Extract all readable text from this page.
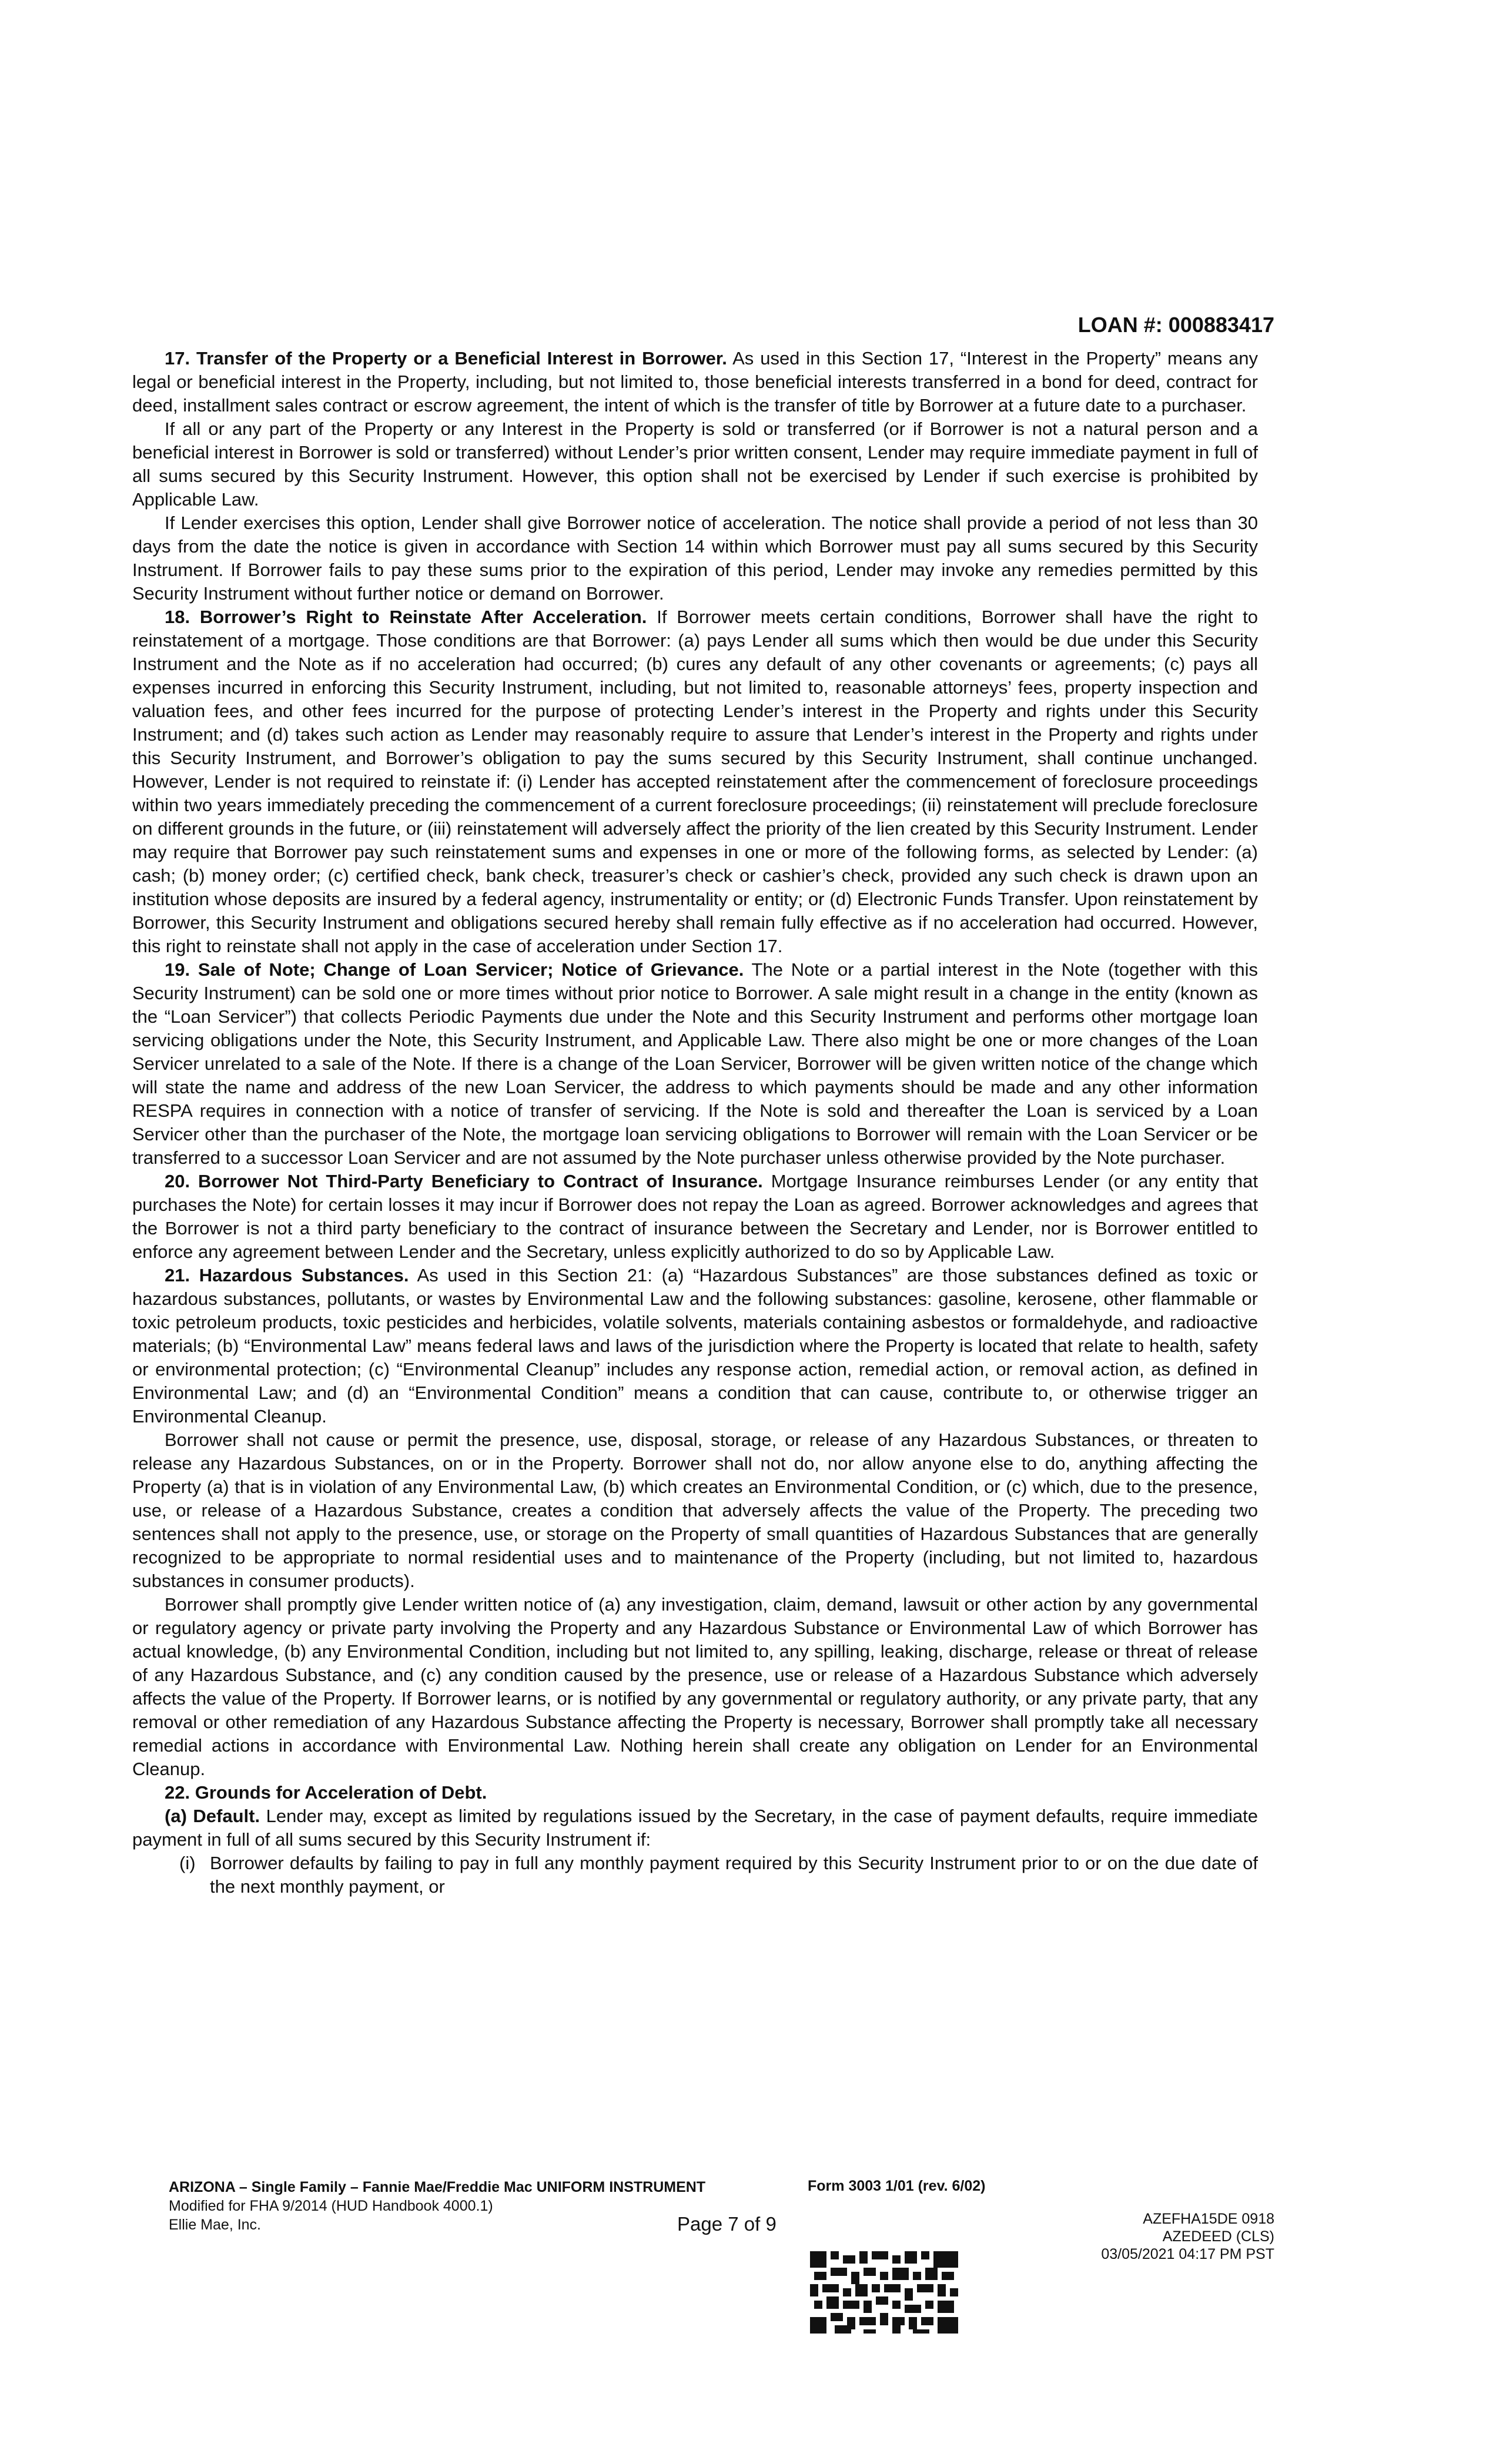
LOAN #: 000883417

17. Transfer of the Property or a Beneficial Interest in Borrower. As used in this Section 17, “Interest in the Property” means any legal or beneficial interest in the Property, including, but not limited to, those beneficial interests transferred in a bond for deed, contract for deed, installment sales contract or escrow agreement, the intent of which is the transfer of title by Borrower at a future date to a purchaser.

If all or any part of the Property or any Interest in the Property is sold or transferred (or if Borrower is not a natural person and a beneficial interest in Borrower is sold or transferred) without Lender’s prior written consent, Lender may require immediate payment in full of all sums secured by this Security Instrument. However, this option shall not be exercised by Lender if such exercise is prohibited by Applicable Law.

If Lender exercises this option, Lender shall give Borrower notice of acceleration. The notice shall provide a period of not less than 30 days from the date the notice is given in accordance with Section 14 within which Borrower must pay all sums secured by this Security Instrument. If Borrower fails to pay these sums prior to the expiration of this period, Lender may invoke any remedies permitted by this Security Instrument without further notice or demand on Borrower.

18. Borrower’s Right to Reinstate After Acceleration. If Borrower meets certain conditions, Borrower shall have the right to reinstatement of a mortgage. Those conditions are that Borrower: (a) pays Lender all sums which then would be due under this Security Instrument and the Note as if no acceleration had occurred; (b) cures any default of any other covenants or agreements; (c) pays all expenses incurred in enforcing this Security Instrument, including, but not limited to, reasonable attorneys’ fees, property inspection and valuation fees, and other fees incurred for the purpose of protecting Lender’s interest in the Property and rights under this Security Instrument; and (d) takes such action as Lender may reasonably require to assure that Lender’s interest in the Property and rights under this Security Instrument, and Borrower’s obligation to pay the sums secured by this Security Instrument, shall continue unchanged. However, Lender is not required to reinstate if: (i) Lender has accepted reinstatement after the commencement of foreclosure proceedings within two years immediately preceding the commencement of a current foreclosure proceedings; (ii) reinstatement will preclude foreclosure on different grounds in the future, or (iii) reinstatement will adversely affect the priority of the lien created by this Security Instrument. Lender may require that Borrower pay such reinstatement sums and expenses in one or more of the following forms, as selected by Lender: (a) cash; (b) money order; (c) certified check, bank check, treasurer’s check or cashier’s check, provided any such check is drawn upon an institution whose deposits are insured by a federal agency, instrumentality or entity; or (d) Electronic Funds Transfer. Upon reinstatement by Borrower, this Security Instrument and obligations secured hereby shall remain fully effective as if no acceleration had occurred. However, this right to reinstate shall not apply in the case of acceleration under Section 17.

19. Sale of Note; Change of Loan Servicer; Notice of Grievance. The Note or a partial interest in the Note (together with this Security Instrument) can be sold one or more times without prior notice to Borrower. A sale might result in a change in the entity (known as the “Loan Servicer”) that collects Periodic Payments due under the Note and this Security Instrument and performs other mortgage loan servicing obligations under the Note, this Security Instrument, and Applicable Law. There also might be one or more changes of the Loan Servicer unrelated to a sale of the Note. If there is a change of the Loan Servicer, Borrower will be given written notice of the change which will state the name and address of the new Loan Servicer, the address to which payments should be made and any other information RESPA requires in connection with a notice of transfer of servicing. If the Note is sold and thereafter the Loan is serviced by a Loan Servicer other than the purchaser of the Note, the mortgage loan servicing obligations to Borrower will remain with the Loan Servicer or be transferred to a successor Loan Servicer and are not assumed by the Note purchaser unless otherwise provided by the Note purchaser.

20. Borrower Not Third-Party Beneficiary to Contract of Insurance. Mortgage Insurance reimburses Lender (or any entity that purchases the Note) for certain losses it may incur if Borrower does not repay the Loan as agreed. Borrower acknowledges and agrees that the Borrower is not a third party beneficiary to the contract of insurance between the Secretary and Lender, nor is Borrower entitled to enforce any agreement between Lender and the Secretary, unless explicitly authorized to do so by Applicable Law.

21. Hazardous Substances. As used in this Section 21: (a) “Hazardous Substances” are those substances defined as toxic or hazardous substances, pollutants, or wastes by Environmental Law and the following substances: gasoline, kerosene, other flammable or toxic petroleum products, toxic pesticides and herbicides, volatile solvents, materials containing asbestos or formaldehyde, and radioactive materials; (b) “Environmental Law” means federal laws and laws of the jurisdiction where the Property is located that relate to health, safety or environmental protection; (c) “Environmental Cleanup” includes any response action, remedial action, or removal action, as defined in Environmental Law; and (d) an “Environmental Condition” means a condition that can cause, contribute to, or otherwise trigger an Environmental Cleanup.

Borrower shall not cause or permit the presence, use, disposal, storage, or release of any Hazardous Substances, or threaten to release any Hazardous Substances, on or in the Property. Borrower shall not do, nor allow anyone else to do, anything affecting the Property (a) that is in violation of any Environmental Law, (b) which creates an Environmental Condition, or (c) which, due to the presence, use, or release of a Hazardous Substance, creates a condition that adversely affects the value of the Property. The preceding two sentences shall not apply to the presence, use, or storage on the Property of small quantities of Hazardous Substances that are generally recognized to be appropriate to normal residential uses and to maintenance of the Property (including, but not limited to, hazardous substances in consumer products).

Borrower shall promptly give Lender written notice of (a) any investigation, claim, demand, lawsuit or other action by any governmental or regulatory agency or private party involving the Property and any Hazardous Substance or Environmental Law of which Borrower has actual knowledge, (b) any Environmental Condition, including but not limited to, any spilling, leaking, discharge, release or threat of release of any Hazardous Substance, and (c) any condition caused by the presence, use or release of a Hazardous Substance which adversely affects the value of the Property. If Borrower learns, or is notified by any governmental or regulatory authority, or any private party, that any removal or other remediation of any Hazardous Substance affecting the Property is necessary, Borrower shall promptly take all necessary remedial actions in accordance with Environmental Law. Nothing herein shall create any obligation on Lender for an Environmental Cleanup.

22. Grounds for Acceleration of Debt.

(a) Default. Lender may, except as limited by regulations issued by the Secretary, in the case of payment defaults, require immediate payment in full of all sums secured by this Security Instrument if:

(i) Borrower defaults by failing to pay in full any monthly payment required by this Security Instrument prior to or on the due date of the next monthly payment, or
ARIZONA – Single Family – Fannie Mae/Freddie Mac UNIFORM INSTRUMENT
Modified for FHA 9/2014 (HUD Handbook 4000.1)
Ellie Mae, Inc.
Form 3003 1/01 (rev. 6/02)
Page 7 of 9	AZEFHA15DE 0918
AZEDEED (CLS)
03/05/2021 04:17 PM PST
